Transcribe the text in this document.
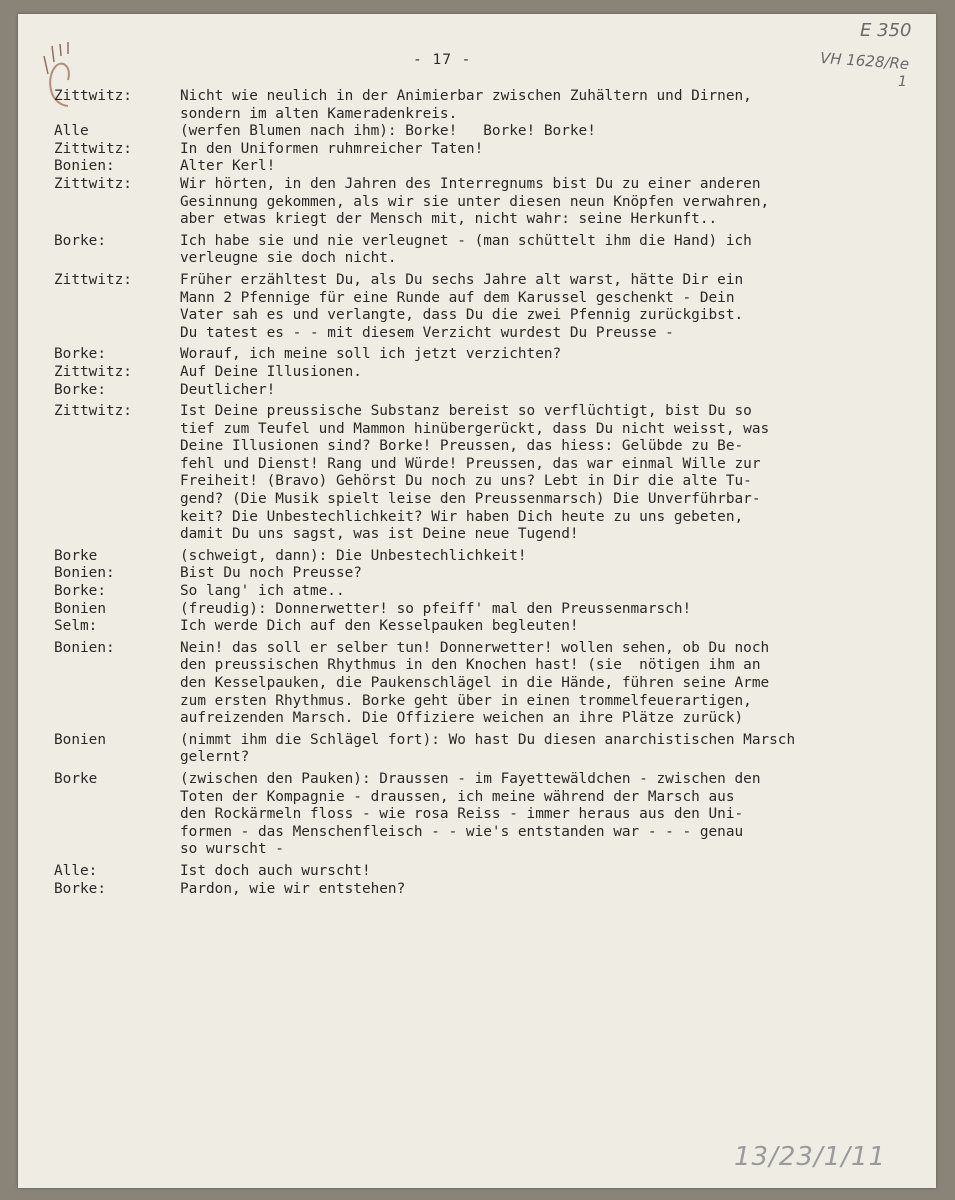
- 17 -
E 350
VH 1628/Re
1
Zittwitz:	Nicht wie neulich in der Animierbar zwischen Zuhältern und Dirnen,
sondern im alten Kameradenkreis.
Alle	(werfen Blumen nach ihm): Borke!   Borke! Borke!
Zittwitz:	In den Uniformen ruhmreicher Taten!
Bonien:	Alter Kerl!
Zittwitz:	Wir hörten, in den Jahren des Interregnums bist Du zu einer anderen
Gesinnung gekommen, als wir sie unter diesen neun Knöpfen verwahren,
aber etwas kriegt der Mensch mit, nicht wahr: seine Herkunft..
Borke:	Ich habe sie und nie verleugnet - (man schüttelt ihm die Hand) ich
verleugne sie doch nicht.
Zittwitz:	Früher erzähltest Du, als Du sechs Jahre alt warst, hätte Dir ein
Mann 2 Pfennige für eine Runde auf dem Karussel geschenkt - Dein
Vater sah es und verlangte, dass Du die zwei Pfennig zurückgibst.
Du tatest es - - mit diesem Verzicht wurdest Du Preusse -
Borke:	Worauf, ich meine soll ich jetzt verzichten?
Zittwitz:	Auf Deine Illusionen.
Borke:	Deutlicher!
Zittwitz:	Ist Deine preussische Substanz bereist so verflüchtigt, bist Du so
tief zum Teufel und Mammon hinübergerückt, dass Du nicht weisst, was
Deine Illusionen sind? Borke! Preussen, das hiess: Gelübde zu Be-
fehl und Dienst! Rang und Würde! Preussen, das war einmal Wille zur
Freiheit! (Bravo) Gehörst Du noch zu uns? Lebt in Dir die alte Tu-
gend? (Die Musik spielt leise den Preussenmarsch) Die Unverführbar-
keit? Die Unbestechlichkeit? Wir haben Dich heute zu uns gebeten,
damit Du uns sagst, was ist Deine neue Tugend!
Borke	(schweigt, dann): Die Unbestechlichkeit!
Bonien:	Bist Du noch Preusse?
Borke:	So lang' ich atme..
Bonien	(freudig): Donnerwetter! so pfeiff' mal den Preussenmarsch!
Selm:	Ich werde Dich auf den Kesselpauken begleuten!
Bonien:	Nein! das soll er selber tun! Donnerwetter! wollen sehen, ob Du noch
den preussischen Rhythmus in den Knochen hast! (sie  nötigen ihm an
den Kesselpauken, die Paukenschlägel in die Hände, führen seine Arme
zum ersten Rhythmus. Borke geht über in einen trommelfeuerartigen,
aufreizenden Marsch. Die Offiziere weichen an ihre Plätze zurück)
Bonien	(nimmt ihm die Schlägel fort): Wo hast Du diesen anarchistischen Marsch
gelernt?
Borke	(zwischen den Pauken): Draussen - im Fayettewäldchen - zwischen den
Toten der Kompagnie - draussen, ich meine während der Marsch aus
den Rockärmeln floss - wie rosa Reiss - immer heraus aus den Uni-
formen - das Menschenfleisch - - wie's entstanden war - - - genau
so wurscht -
Alle:	Ist doch auch wurscht!
Borke:	Pardon, wie wir entstehen?
13/23/1/11
